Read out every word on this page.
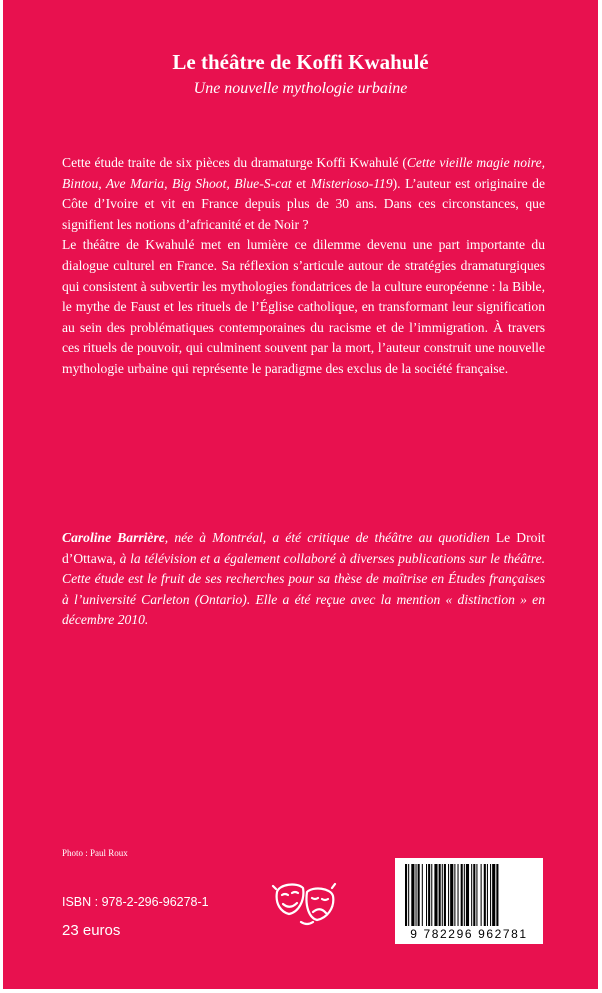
Le théâtre de Koffi Kwahulé
Une nouvelle mythologie urbaine

Cette étude traite de six pièces du dramaturge Koffi Kwahulé (Cette vieille magie noire, Bintou, Ave Maria, Big Shoot, Blue-S-cat et Misterioso-119). L’auteur est originaire de Côte d’Ivoire et vit en France depuis plus de 30 ans. Dans ces circonstances, que signifient les notions d’africanité et de Noir ?

Le théâtre de Kwahulé met en lumière ce dilemme devenu une part importante du dialogue culturel en France. Sa réflexion s’articule autour de stratégies dramaturgiques qui consistent à subvertir les mythologies fondatrices de la culture européenne : la Bible, le mythe de Faust et les rituels de l’Église catholique, en transformant leur signification au sein des problématiques contemporaines du racisme et de l’immigration. À travers ces rituels de pouvoir, qui culminent souvent par la mort, l’auteur construit une nouvelle mythologie urbaine qui représente le paradigme des exclus de la société française.

Caroline Barrière, née à Montréal, a été critique de théâtre au quotidien Le Droit d’Ottawa, à la télévision et a également collaboré à diverses publications sur le théâtre. Cette étude est le fruit de ses recherches pour sa thèse de maîtrise en Études françaises à l’université Carleton (Ontario). Elle a été reçue avec la mention « distinction » en décembre 2010.

Photo : Paul Roux
ISBN : 978-2-296-96278-1
23 euros	9 782296 962781
